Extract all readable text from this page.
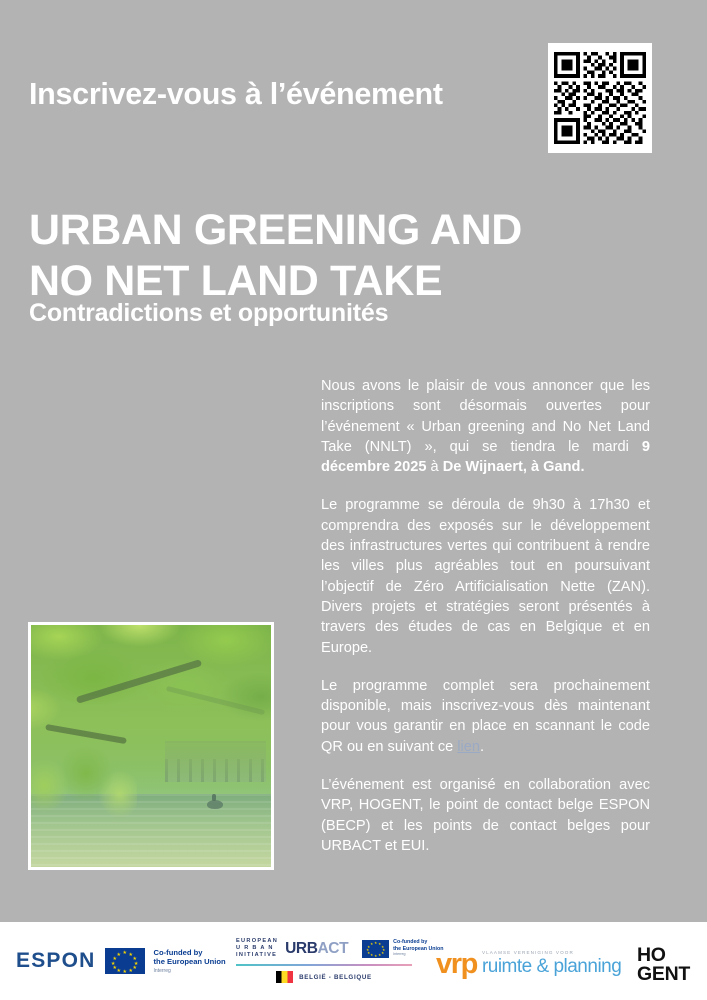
Inscrivez-vous à l’événement
URBAN GREENING AND
NO NET LAND TAKE
Contradictions et opportunités

Nous avons le plaisir de vous annoncer que les inscriptions sont désormais ouvertes pour l’événement « Urban greening and No Net Land Take (NNLT) », qui se tiendra le mardi 9 décembre 2025 à De Wijnaert, à Gand.

Le programme se déroula de 9h30 à 17h30 et comprendra des exposés sur le développement des infrastructures vertes qui contribuent à rendre les villes plus agréables tout en poursuivant l’objectif de Zéro Artificialisation Nette (ZAN). Divers projets et stratégies seront présentés à travers des études de cas en Belgique et en Europe.

Le programme complet sera prochainement disponible, mais inscrivez-vous dès maintenant pour vous garantir en place en scannant le code QR ou en suivant ce lien.

L’événement est organisé en collaboration avec VRP, HOGENT, le point de contact belge ESPON (BECP) et les points de contact belges pour URBACT et EUI.

ESPON	★ ★
★
★
★
★
★
★
★
★
★
★	Co-funded by
the European Union
Interreg
EUROPEAN
U R B A N
INITIATIVE URBACT	★ ★
★
★
★
★
★
★
★
★
★
★	Co-funded by
the European Union
Interreg
BELGIË - BELGIQUE vrp VLAAMSE VERENIGING VOOR
ruimte & planning
HO
GENT
